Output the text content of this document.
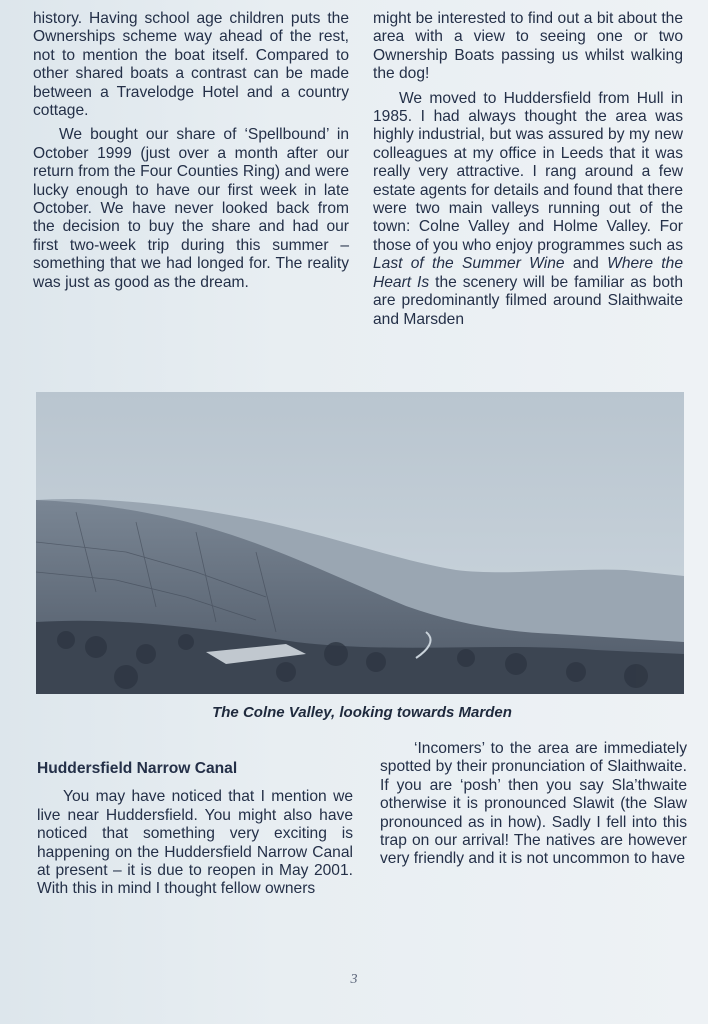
history. Having school age children puts the Ownerships scheme way ahead of the rest, not to mention the boat itself. Compared to other shared boats a contrast can be made between a Travelodge Hotel and a country cottage.

We bought our share of ‘Spellbound’ in October 1999 (just over a month after our return from the Four Counties Ring) and were lucky enough to have our first week in late October. We have never looked back from the decision to buy the share and had our first two-week trip during this summer – something that we had longed for. The reality was just as good as the dream.

might be interested to find out a bit about the area with a view to seeing one or two Ownership Boats passing us whilst walking the dog!

We moved to Huddersfield from Hull in 1985. I had always thought the area was highly industrial, but was assured by my new colleagues at my office in Leeds that it was really very attractive. I rang around a few estate agents for details and found that there were two main valleys running out of the town: Colne Valley and Holme Valley. For those of you who enjoy programmes such as Last of the Summer Wine and Where the Heart Is the scenery will be familiar as both are predominantly filmed around Slaithwaite and Marsden

The Colne Valley, looking towards Marden

Huddersfield Narrow Canal

You may have noticed that I mention we live near Huddersfield. You might also have noticed that something very exciting is happening on the Huddersfield Narrow Canal at present – it is due to reopen in May 2001. With this in mind I thought fellow owners

‘Incomers’ to the area are immediately spotted by their pronunciation of Slaithwaite. If you are ‘posh’ then you say Sla’thwaite otherwise it is pronounced Slawit (the Slaw pronounced as in how). Sadly I fell into this trap on our arrival! The natives are however very friendly and it is not uncommon to have

3
